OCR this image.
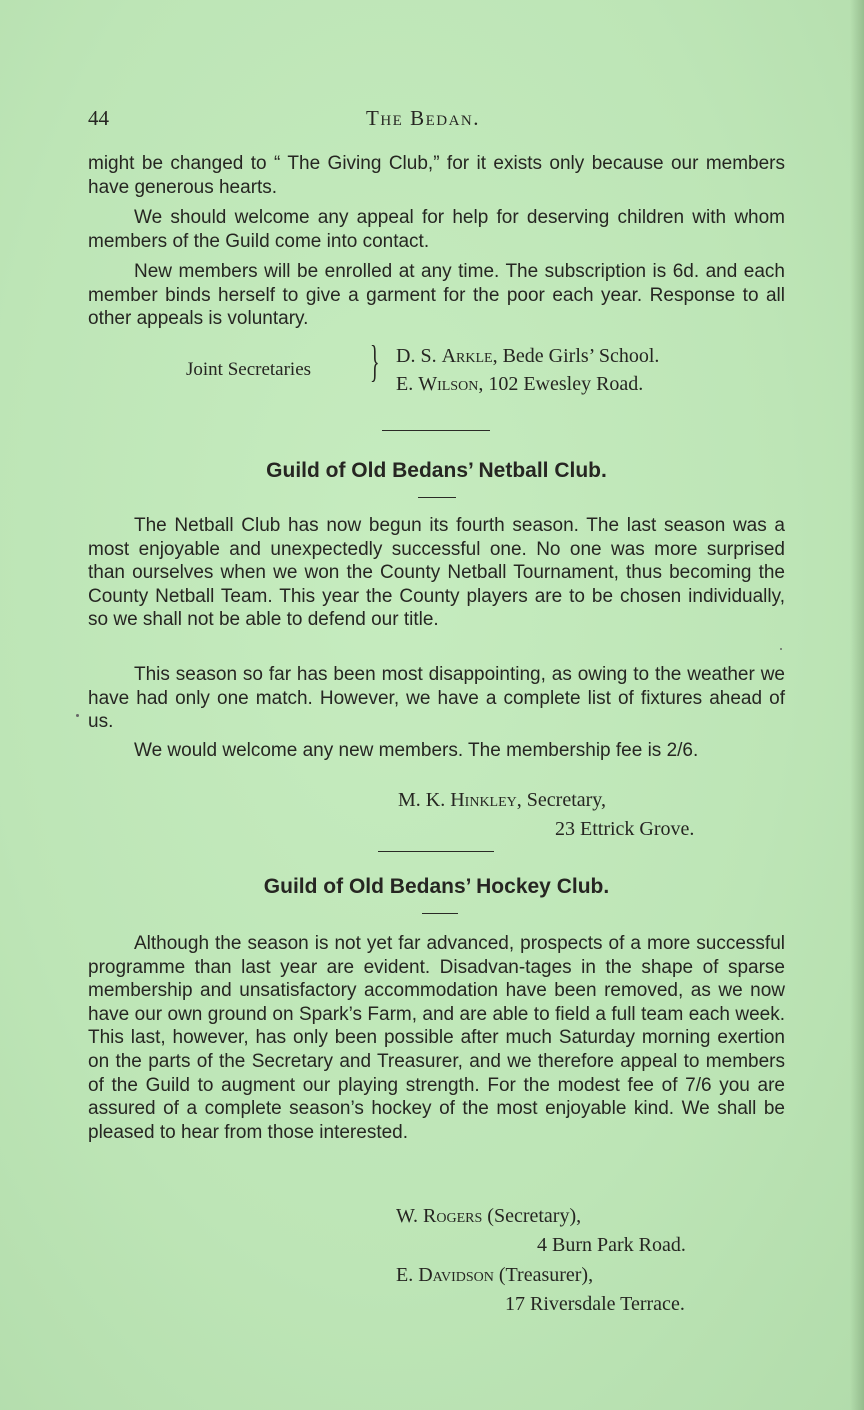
44	The Bedan.
might be changed to “ The Giving Club,” for it exists only because our members have generous hearts.
We should welcome any appeal for help for deserving children with whom members of the Guild come into contact.
New members will be enrolled at any time. The subscription is 6d. and each member binds herself to give a garment for the poor each year. Response to all other appeals is voluntary.
Joint Secretaries } D. S. Arkle, Bede Girls’ School.
E. Wilson, 102 Ewesley Road.
Guild of Old Bedans’ Netball Club.
The Netball Club has now begun its fourth season. The last season was a most enjoyable and unexpectedly successful one. No one was more surprised than ourselves when we won the County Netball Tournament, thus becoming the County Netball Team. This year the County players are to be chosen individually, so we shall not be able to defend our title.
This season so far has been most disappointing, as owing to the weather we have had only one match. However, we have a complete list of fixtures ahead of us.
We would welcome any new members. The membership fee is 2/6.
M. K. Hinkley, Secretary,
23 Ettrick Grove.
Guild of Old Bedans’ Hockey Club.
Although the season is not yet far advanced, prospects of a more successful programme than last year are evident. Disadvan-tages in the shape of sparse membership and unsatisfactory accommodation have been removed, as we now have our own ground on Spark’s Farm, and are able to field a full team each week. This last, however, has only been possible after much Saturday morning exertion on the parts of the Secretary and Treasurer, and we therefore appeal to members of the Guild to augment our playing strength. For the modest fee of 7/6 you are assured of a complete season’s hockey of the most enjoyable kind. We shall be pleased to hear from those interested.
W. Rogers (Secretary),
4 Burn Park Road.
E. Davidson (Treasurer),
17 Riversdale Terrace.
